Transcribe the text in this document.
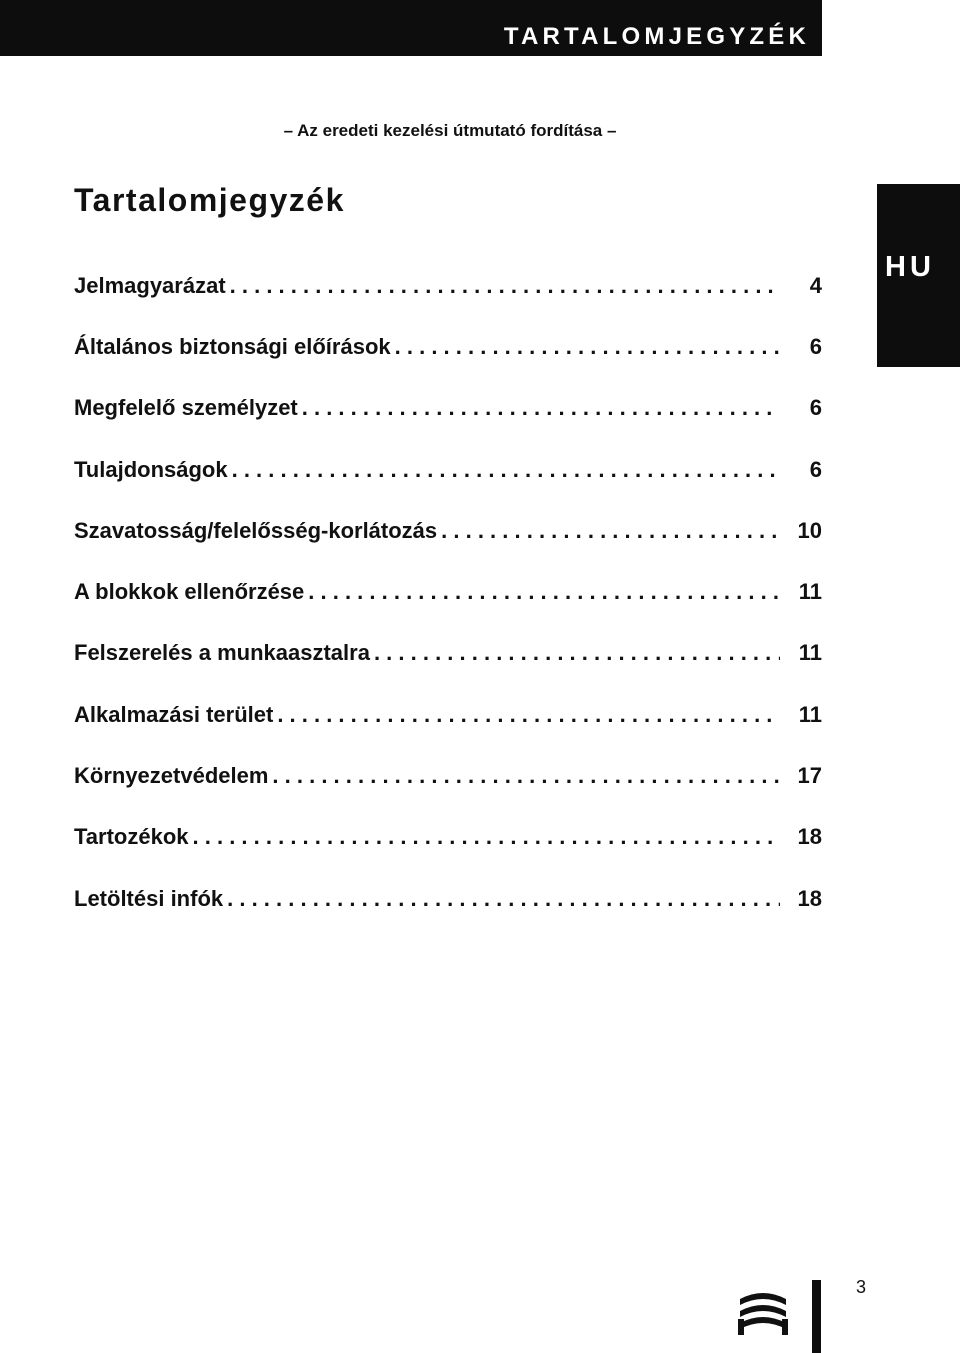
TARTALOMJEGYZÉK
HU
– Az eredeti kezelési útmutató fordítása –
Tartalomjegyzék
Jelmagyarázat . . .	4
Általános biztonsági előírások . . .	6
Megfelelő személyzet . . .	6
Tulajdonságok . . .	6
Szavatosság/felelősség-korlátozás . . .	10
A blokkok ellenőrzése . . .	11
Felszerelés a munkaasztalra . . .	11
Alkalmazási terület . . .	11
Környezetvédelem . . .	17
Tartozékok . . .	18
Letöltési infók . . .	18
3
